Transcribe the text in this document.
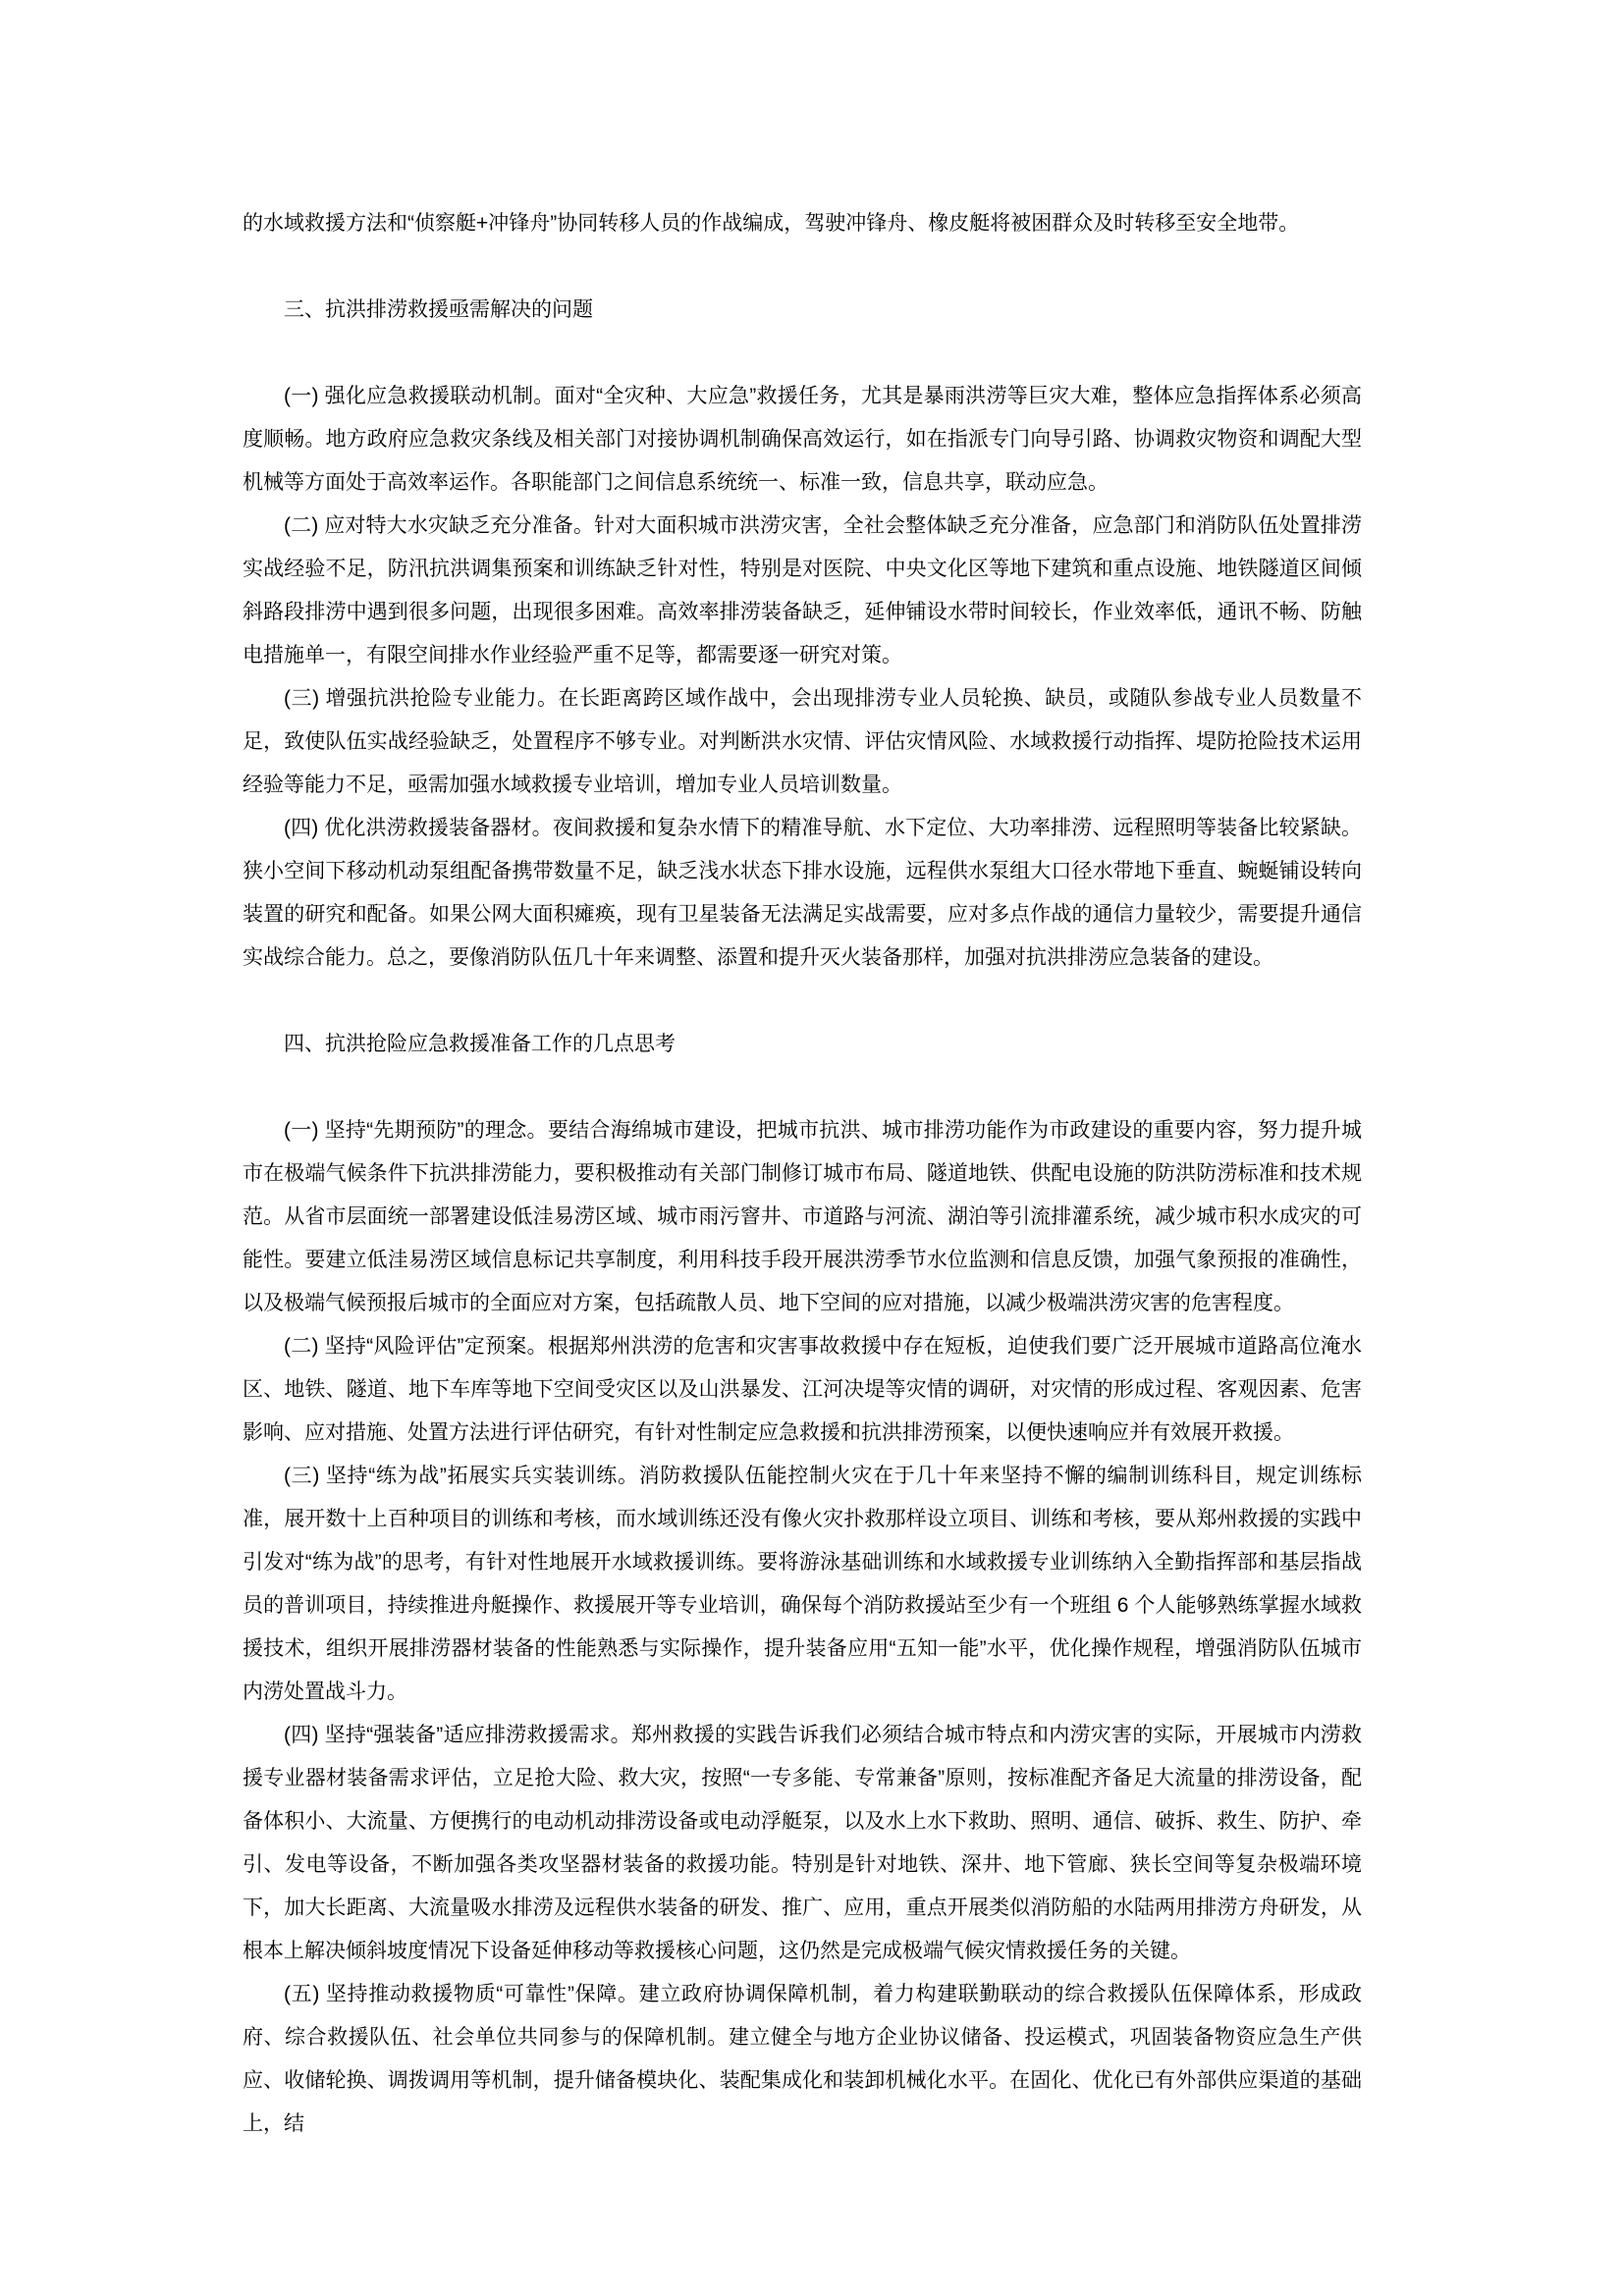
的水域救援方法和“侦察艇+冲锋舟”协同转移人员的作战编成，驾驶冲锋舟、橡皮艇将被困群众及时转移至安全地带。

三、抗洪排涝救援亟需解决的问题

(一) 强化应急救援联动机制。面对“全灾种、大应急”救援任务，尤其是暴雨洪涝等巨灾大难，整体应急指挥体系必须高度顺畅。地方政府应急救灾条线及相关部门对接协调机制确保高效运行，如在指派专门向导引路、协调救灾物资和调配大型机械等方面处于高效率运作。各职能部门之间信息系统统一、标准一致，信息共享，联动应急。

(二) 应对特大水灾缺乏充分准备。针对大面积城市洪涝灾害，全社会整体缺乏充分准备，应急部门和消防队伍处置排涝实战经验不足，防汛抗洪调集预案和训练缺乏针对性，特别是对医院、中央文化区等地下建筑和重点设施、地铁隧道区间倾斜路段排涝中遇到很多问题，出现很多困难。高效率排涝装备缺乏，延伸铺设水带时间较长，作业效率低，通讯不畅、防触电措施单一，有限空间排水作业经验严重不足等，都需要逐一研究对策。

(三) 增强抗洪抢险专业能力。在长距离跨区域作战中，会出现排涝专业人员轮换、缺员，或随队参战专业人员数量不足，致使队伍实战经验缺乏，处置程序不够专业。对判断洪水灾情、评估灾情风险、水域救援行动指挥、堤防抢险技术运用经验等能力不足，亟需加强水域救援专业培训，增加专业人员培训数量。

(四) 优化洪涝救援装备器材。夜间救援和复杂水情下的精准导航、水下定位、大功率排涝、远程照明等装备比较紧缺。狭小空间下移动机动泵组配备携带数量不足，缺乏浅水状态下排水设施，远程供水泵组大口径水带地下垂直、蜿蜒铺设转向装置的研究和配备。如果公网大面积瘫痪，现有卫星装备无法满足实战需要，应对多点作战的通信力量较少，需要提升通信实战综合能力。总之，要像消防队伍几十年来调整、添置和提升灭火装备那样，加强对抗洪排涝应急装备的建设。

四、抗洪抢险应急救援准备工作的几点思考

(一) 坚持“先期预防”的理念。要结合海绵城市建设，把城市抗洪、城市排涝功能作为市政建设的重要内容，努力提升城市在极端气候条件下抗洪排涝能力，要积极推动有关部门制修订城市布局、隧道地铁、供配电设施的防洪防涝标准和技术规范。从省市层面统一部署建设低洼易涝区域、城市雨污窨井、市道路与河流、湖泊等引流排灌系统，减少城市积水成灾的可能性。要建立低洼易涝区域信息标记共享制度，利用科技手段开展洪涝季节水位监测和信息反馈，加强气象预报的准确性，以及极端气候预报后城市的全面应对方案，包括疏散人员、地下空间的应对措施，以减少极端洪涝灾害的危害程度。

(二) 坚持“风险评估”定预案。根据郑州洪涝的危害和灾害事故救援中存在短板，迫使我们要广泛开展城市道路高位淹水区、地铁、隧道、地下车库等地下空间受灾区以及山洪暴发、江河决堤等灾情的调研，对灾情的形成过程、客观因素、危害影响、应对措施、处置方法进行评估研究，有针对性制定应急救援和抗洪排涝预案，以便快速响应并有效展开救援。

(三) 坚持“练为战”拓展实兵实装训练。消防救援队伍能控制火灾在于几十年来坚持不懈的编制训练科目，规定训练标准，展开数十上百种项目的训练和考核，而水域训练还没有像火灾扑救那样设立项目、训练和考核，要从郑州救援的实践中引发对“练为战”的思考，有针对性地展开水域救援训练。要将游泳基础训练和水域救援专业训练纳入全勤指挥部和基层指战员的普训项目，持续推进舟艇操作、救援展开等专业培训，确保每个消防救援站至少有一个班组 6 个人能够熟练掌握水域救援技术，组织开展排涝器材装备的性能熟悉与实际操作，提升装备应用“五知一能”水平，优化操作规程，增强消防队伍城市内涝处置战斗力。

(四) 坚持“强装备”适应排涝救援需求。郑州救援的实践告诉我们必须结合城市特点和内涝灾害的实际，开展城市内涝救援专业器材装备需求评估，立足抢大险、救大灾，按照“一专多能、专常兼备”原则，按标准配齐备足大流量的排涝设备，配备体积小、大流量、方便携行的电动机动排涝设备或电动浮艇泵，以及水上水下救助、照明、通信、破拆、救生、防护、牵引、发电等设备，不断加强各类攻坚器材装备的救援功能。特别是针对地铁、深井、地下管廊、狭长空间等复杂极端环境下，加大长距离、大流量吸水排涝及远程供水装备的研发、推广、应用，重点开展类似消防船的水陆两用排涝方舟研发，从根本上解决倾斜坡度情况下设备延伸移动等救援核心问题，这仍然是完成极端气候灾情救援任务的关键。

(五) 坚持推动救援物质“可靠性”保障。建立政府协调保障机制，着力构建联勤联动的综合救援队伍保障体系，形成政府、综合救援队伍、社会单位共同参与的保障机制。建立健全与地方企业协议储备、投运模式，巩固装备物资应急生产供应、收储轮换、调拨调用等机制，提升储备模块化、装配集成化和装卸机械化水平。在固化、优化已有外部供应渠道的基础上，结
